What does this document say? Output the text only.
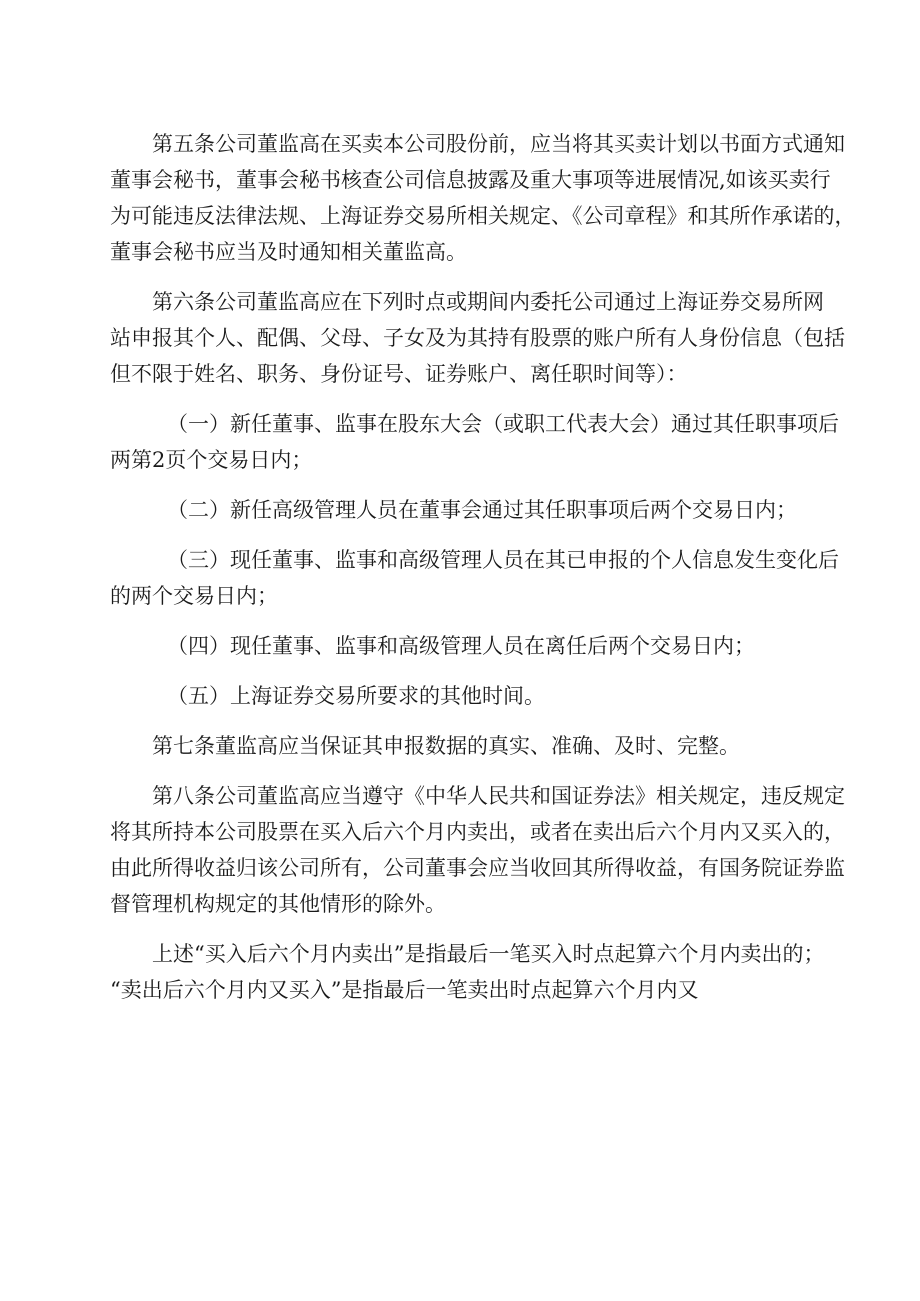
第五条公司董监高在买卖本公司股份前，应当将其买卖计划以书面方式通知
董事会秘书，董事会秘书核查公司信息披露及重大事项等进展情况,如该买卖行
为可能违反法律法规、上海证券交易所相关规定、《公司章程》和其所作承诺的，
董事会秘书应当及时通知相关董监高。

第六条公司董监高应在下列时点或期间内委托公司通过上海证券交易所网
站申报其个人、配偶、父母、子女及为其持有股票的账户所有人身份信息（包括
但不限于姓名、职务、身份证号、证券账户、离任职时间等）：

（一）新任董事、监事在股东大会（或职工代表大会）通过其任职事项后
两第2页个交易日内；

（二）新任高级管理人员在董事会通过其任职事项后两个交易日内；

（三）现任董事、监事和高级管理人员在其已申报的个人信息发生变化后
的两个交易日内；

（四）现任董事、监事和高级管理人员在离任后两个交易日内；

（五）上海证券交易所要求的其他时间。

第七条董监高应当保证其申报数据的真实、准确、及时、完整。

第八条公司董监高应当遵守《中华人民共和国证券法》相关规定，违反规定
将其所持本公司股票在买入后六个月内卖出，或者在卖出后六个月内又买入的，
由此所得收益归该公司所有，公司董事会应当收回其所得收益，有国务院证券监
督管理机构规定的其他情形的除外。

上述“买入后六个月内卖出”是指最后一笔买入时点起算六个月内卖出的；
“卖出后六个月内又买入”是指最后一笔卖出时点起算六个月内又
